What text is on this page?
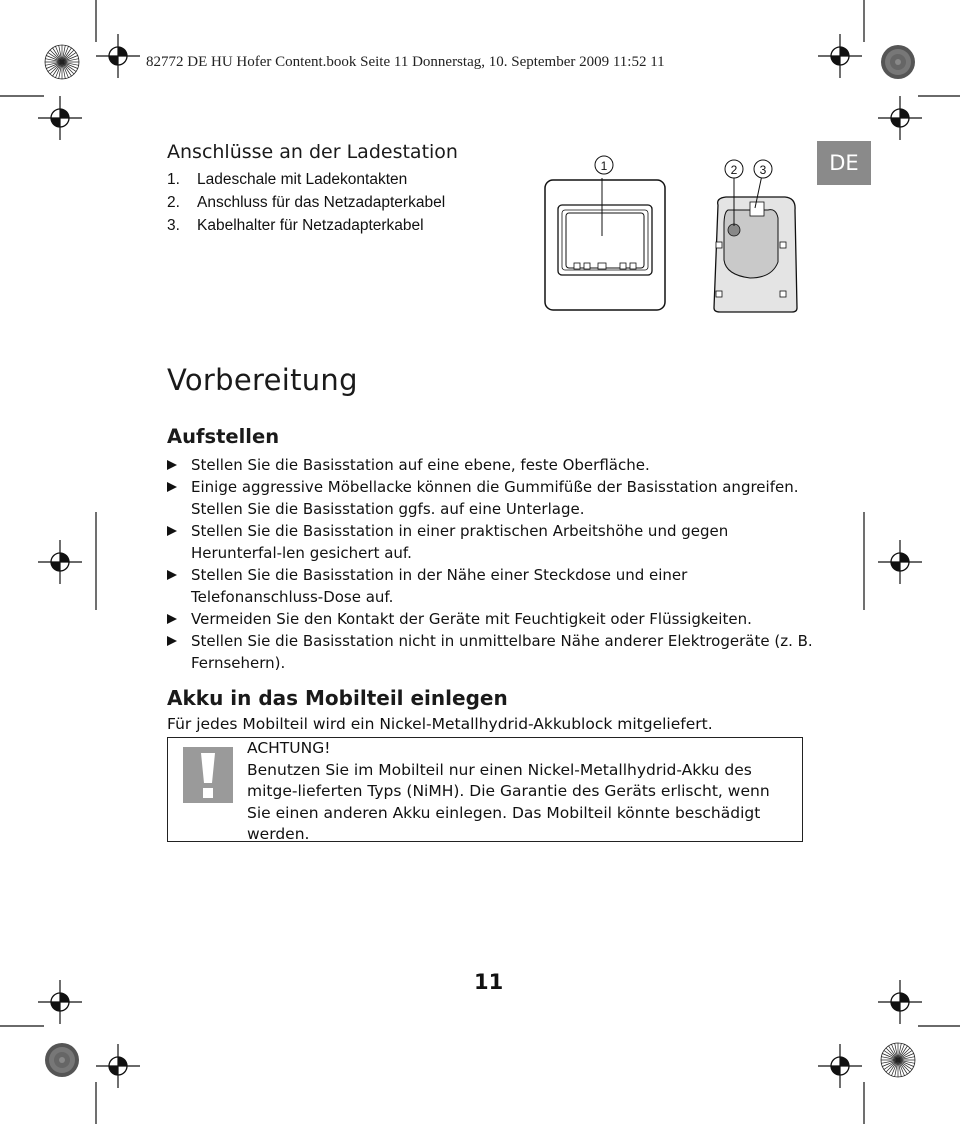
82772 DE HU Hofer Content.book Seite 11 Donnerstag, 10. September 2009 11:52 11
DE
Anschlüsse an der Ladestation
1. Ladeschale mit Ladekontakten
2. Anschluss für das Netzadapterkabel
3. Kabelhalter für Netzadapterkabel
1	2 3
Vorbereitung
Aufstellen

Stellen Sie die Basisstation auf eine ebene, feste Oberfläche.

Einige aggressive Möbellacke können die Gummifüße der Basisstation angreifen. Stellen Sie die Basisstation ggfs. auf eine Unterlage.

Stellen Sie die Basisstation in einer praktischen Arbeitshöhe und gegen Herunterfal-len gesichert auf.

Stellen Sie die Basisstation in der Nähe einer Steckdose und einer Telefonanschluss-Dose auf.

Vermeiden Sie den Kontakt der Geräte mit Feuchtigkeit oder Flüssigkeiten.

Stellen Sie die Basisstation nicht in unmittelbare Nähe anderer Elektrogeräte (z. B. Fernsehern).

Akku in das Mobilteil einlegen
Für jedes Mobilteil wird ein Nickel-Metallhydrid-Akkublock mitgeliefert.
ACHTUNG!
Benutzen Sie im Mobilteil nur einen Nickel-Metallhydrid-Akku des mitge-lieferten Typs (NiMH). Die Garantie des Geräts erlischt, wenn Sie einen anderen Akku einlegen. Das Mobilteil könnte beschädigt werden.
11
